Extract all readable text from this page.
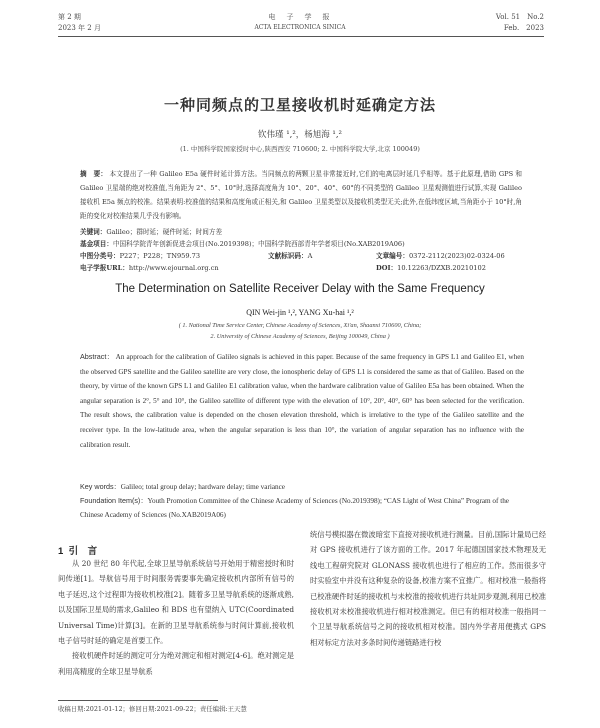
第 2 期
2023 年 2 月
电　子　学　报
ACTA ELECTRONICA SINICA
Vol. 51　No.2
Feb.　2023
一种同频点的卫星接收机时延确定方法
钦伟瑾 ¹,²，杨旭海 ¹,²
(1. 中国科学院国家授时中心,陕西西安 710600; 2. 中国科学院大学,北京 100049)
摘　要： 本文提出了一种 Galileo E5a 硬件时延计算方法。当同频点的两颗卫星非常接近时,它们的电离层时延几乎相等。基于此原理,借助 GPS 和 Galileo 卫星端的绝对校准值,当角距为 2°、5°、10°时,选择高度角为 10°、20°、40°、60°的不同类型的 Galileo 卫星观测值进行试算,实现 Galileo 接收机 E5a 频点的校准。结果表明:校准值的结果和高度角或正相关,和 Galileo 卫星类型以及接收机类型无关;此外,在低纬度区域,当角距小于 10°时,角距的变化对校准结果几乎没有影响。
关键词：Galileo；群时延；硬件时延；时间方差
基金项目：中国科学院青年创新促进会项目(No.2019398)；中国科学院西部青年学者项目(No.XAB2019A06)
中图分类号：P227；P228；TN959.73	文献标识码：A	文章编号：0372-2112(2023)02-0324-06
电子学报URL：http://www.ejournal.org.cn	DOI：10.12263/DZXB.20210102
The Determination on Satellite Receiver Delay with the Same Frequency
QIN Wei-jin ¹,², YANG Xu-hai ¹,²
( 1. National Time Service Center, Chinese Academy of Sciences, Xi'an, Shaanxi 710600, China;
2. University of Chinese Academy of Sciences, Beijing 100049, China )
Abstract： An approach for the calibration of Galileo signals is achieved in this paper. Because of the same frequency in GPS L1 and Galileo E1, when the observed GPS satellite and the Galileo satellite are very close, the ionospheric delay of GPS L1 is considered the same as that of Galileo. Based on the theory, by virtue of the known GPS L1 and Galileo E1 calibration value, when the hardware calibration value of Galileo E5a has been obtained. When the angular separation is 2°, 5° and 10°, the Galileo satellite of different type with the elevation of 10°, 20°, 40°, 60° has been selected for the verification. The result shows, the calibration value is depended on the chosen elevation threshold, which is irrelative to the type of the Galileo satellite and the receiver type. In the low-latitude area, when the angular separation is less than 10°, the variation of angular separation has no influence with the calibration result.
Key words：Galileo; total group delay; hardware delay; time variance
Foundation Item(s)：Youth Promotion Committee of the Chinese Academy of Sciences (No.2019398); “CAS Light of West China” Program of the Chinese Academy of Sciences (No.XAB2019A06)
1 引　言

从 20 世纪 80 年代起,全球卫星导航系统信号开始用于精密授时和时间传递[1]。导航信号用于时间服务需要事先确定接收机内部所有信号的电子延迟,这个过程即为接收机校准[2]。随着多卫星导航系统的逐渐成熟,以及国际卫星局的需求,Galileo 和 BDS 也有望纳入 UTC(Coordinated Universal Time)计算[3]。在新的卫星导航系统参与时间计算前,接收机电子信号时延的确定是首要工作。

接收机硬件时延的测定可分为绝对测定和相对测定[4-6]。绝对测定是利用高精度的全球卫星导航系

统信号模拟器在微波暗室下直接对接收机进行测量。目前,国际计量局已经对 GPS 接收机进行了该方面的工作。2017 年起德国国家技术物理及无线电工程研究院对 GLONASS 接收机也进行了相应的工作。然而很多守时实验室中并没有这种复杂的设备,校准方案不宜推广。相对校准一般指将已校准硬件时延的接收机与未校准的接收机进行共址同步观测,利用已校准接收机对未校准接收机进行相对校准测定。但已有的相对校准一般指同一个卫星导航系统信号之间的接收机相对校准。国内外学者用便携式 GPS 相对标定方法对多条时间传递链路进行校

收稿日期:2021-01-12；修回日期:2021-09-22；责任编辑:王天慧
